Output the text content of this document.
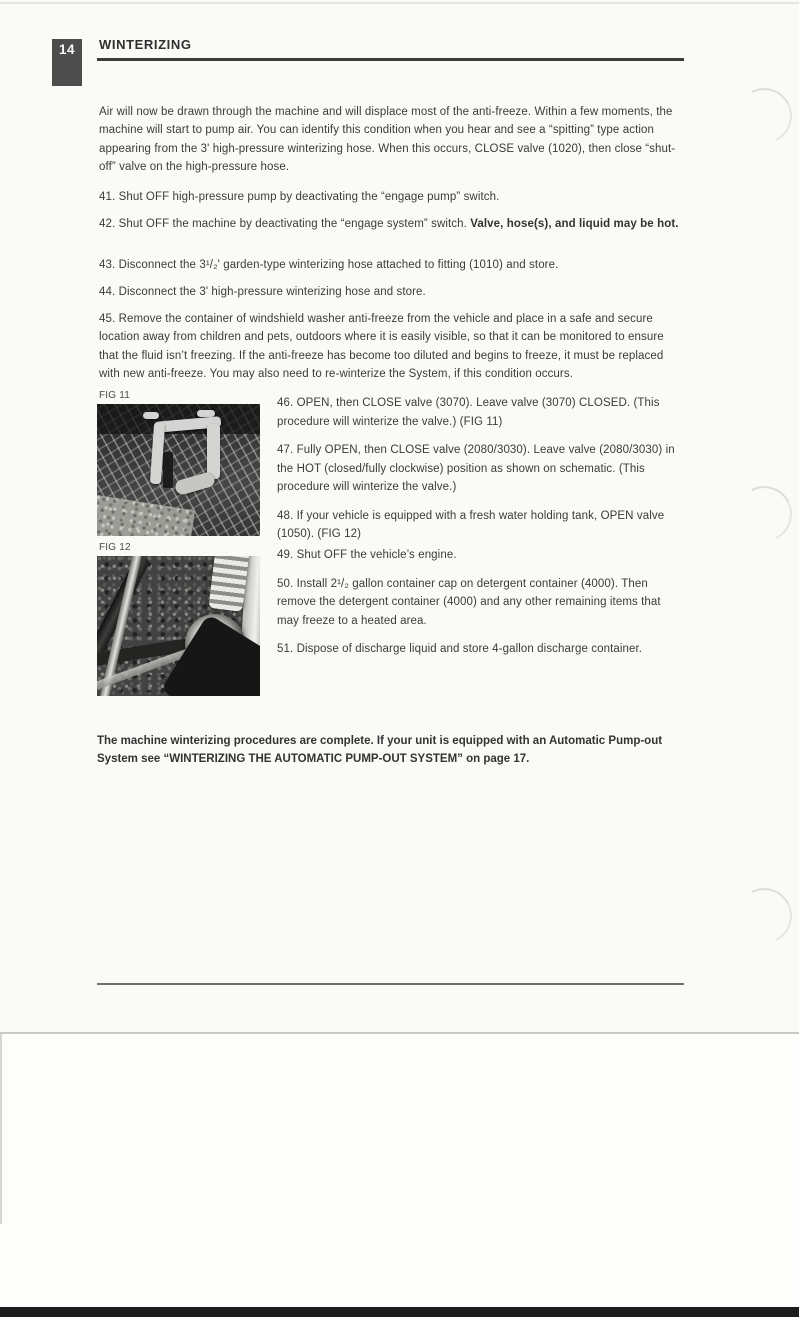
14	WINTERIZING

Air will now be drawn through the machine and will displace most of the anti-freeze. Within a few moments, the machine will start to pump air. You can identify this condition when you hear and see a “spitting” type action appearing from the 3' high-pressure winterizing hose. When this occurs, CLOSE valve (1020), then close “shut-off” valve on the high-pressure hose.

41. Shut OFF high-pressure pump by deactivating the “engage pump” switch.

42. Shut OFF the machine by deactivating the “engage system” switch. Valve, hose(s), and liquid may be hot.

43. Disconnect the 3¹/₂' garden-type winterizing hose attached to fitting (1010) and store.

44. Disconnect the 3' high-pressure winterizing hose and store.

45. Remove the container of windshield washer anti-freeze from the vehicle and place in a safe and secure location away from children and pets, outdoors where it is easily visible, so that it can be monitored to ensure that the fluid isn’t freezing. If the anti-freeze has become too diluted and begins to freeze, it must be replaced with new anti-freeze. You may also need to re-winterize the System, if this condition occurs.

FIG 11

46. OPEN, then CLOSE valve (3070). Leave valve (3070) CLOSED. (This procedure will winterize the valve.) (FIG 11)

47. Fully OPEN, then CLOSE valve (2080/3030). Leave valve (2080/3030) in the HOT (closed/fully clockwise) position as shown on schematic. (This procedure will winterize the valve.)

48. If your vehicle is equipped with a fresh water holding tank, OPEN valve (1050). (FIG 12)

FIG 12

49. Shut OFF the vehicle’s engine.

50. Install 2¹/₂ gallon container cap on detergent container (4000). Then remove the detergent container (4000) and any other remaining items that may freeze to a heated area.

51. Dispose of discharge liquid and store 4-gallon discharge container.

The machine winterizing procedures are complete. If your unit is equipped with an Automatic Pump-out System see “WINTERIZING THE AUTOMATIC PUMP-OUT SYSTEM” on page 17.
